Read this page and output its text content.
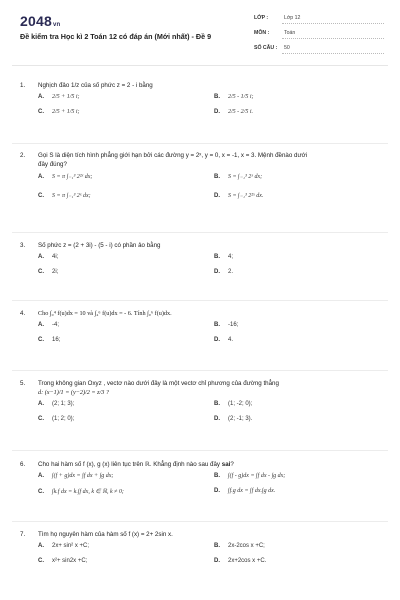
2048vn
Đề kiểm tra Học kì 2 Toán 12 có đáp án (Mới nhất) - Đề 9
LỚP :	Lớp 12
MÔN :	Toán
SỐ CÂU : 50
1.	Nghịch đảo 1/z của số phức z = 2 - i bằng
A. 2/5 + 1/5 i;	B. 2/5 - 1/5 i;
C. 2/5 + 1/5 i;	D. 2/5 - 2/5 i.
2.	Gọi S là diện tích hình phẳng giới hạn bởi các đường y = 2ˣ, y = 0, x = -1, x = 3. Mệnh đềnào dưới
đây đúng?
A. S = π ∫₋₁³ 2²ˣ dx;	B. S = ∫₋₁³ 2ˣ dx;
C. S = π ∫₋₁³ 2ˣ dx;	D. S = ∫₋₁³ 2²ˣ dx.
3.	Số phức z = (2 + 3i) - (5 - i) có phần ảo bằng
A. 4i;	B. 4;
C. 2i;	D. 2.
4.	Cho ∫₀⁴ f(u)dx = 10 và ∫₄⁶ f(u)dx = - 6. Tính ∫₀⁶ f(u)dx.
A. -4;	B. -16;
C. 16;	D. 4.
5.	Trong không gian Oxyz , vectơ nào dưới đây là một vectơ chỉ phương của đường thẳng
d: (x−1)/1 = (y−2)/2 = z/3 ?
A. (2; 1; 3);	B. (1; -2; 0);
C. (1; 2; 0);	D. (2; -1; 3).
6.	Cho hai hàm số f (x), g (x) liên tục trên ℝ. Khẳng định nào sau đây sai?
A. ∫(f + g)dx = ∫f dx + ∫g dx;	B. ∫(f - g)dx = ∫f dx - ∫g dx;
C. ∫k.f dx = k.∫f dx, k ∈ ℝ, k ≠ 0;	D. ∫f.g dx = ∫f dx.∫g dx.
7.	Tìm họ nguyên hàm của hàm số f (x) = 2+ 2sin x.
A. 2x+ sin² x +C;	B. 2x-2cos x +C;
C. x²+ sin2x +C;	D. 2x+2cos x +C.
